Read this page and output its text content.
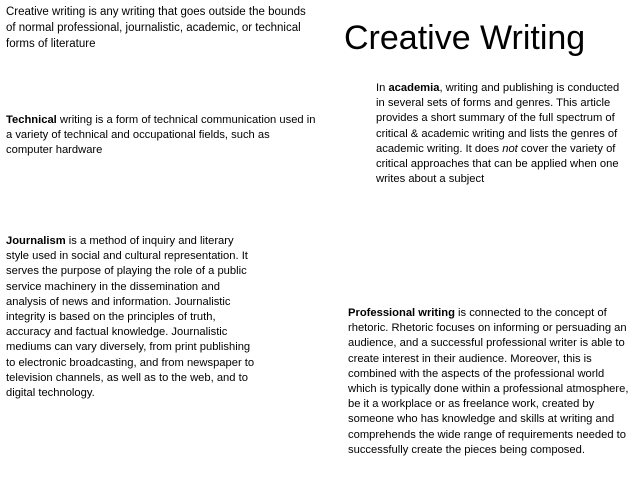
Creative Writing
Creative writing is any writing that goes outside the bounds of normal professional, journalistic, academic, or technical forms of literature
In academia, writing and publishing is conducted in several sets of forms and genres. This article provides a short summary of the full spectrum of critical & academic writing and lists the genres of academic writing. It does not cover the variety of critical approaches that can be applied when one writes about a subject
Technical writing is a form of technical communication used in a variety of technical and occupational fields, such as computer hardware
Journalism is a method of inquiry and literary style used in social and cultural representation. It serves the purpose of playing the role of a public service machinery in the dissemination and analysis of news and information. Journalistic integrity is based on the principles of truth, accuracy and factual knowledge. Journalistic mediums can vary diversely, from print publishing to electronic broadcasting, and from newspaper to television channels, as well as to the web, and to digital technology.
Professional writing is connected to the concept of rhetoric. Rhetoric focuses on informing or persuading an audience, and a successful professional writer is able to create interest in their audience. Moreover, this is combined with the aspects of the professional world which is typically done within a professional atmosphere, be it a workplace or as freelance work, created by someone who has knowledge and skills at writing and comprehends the wide range of requirements needed to successfully create the pieces being composed.
